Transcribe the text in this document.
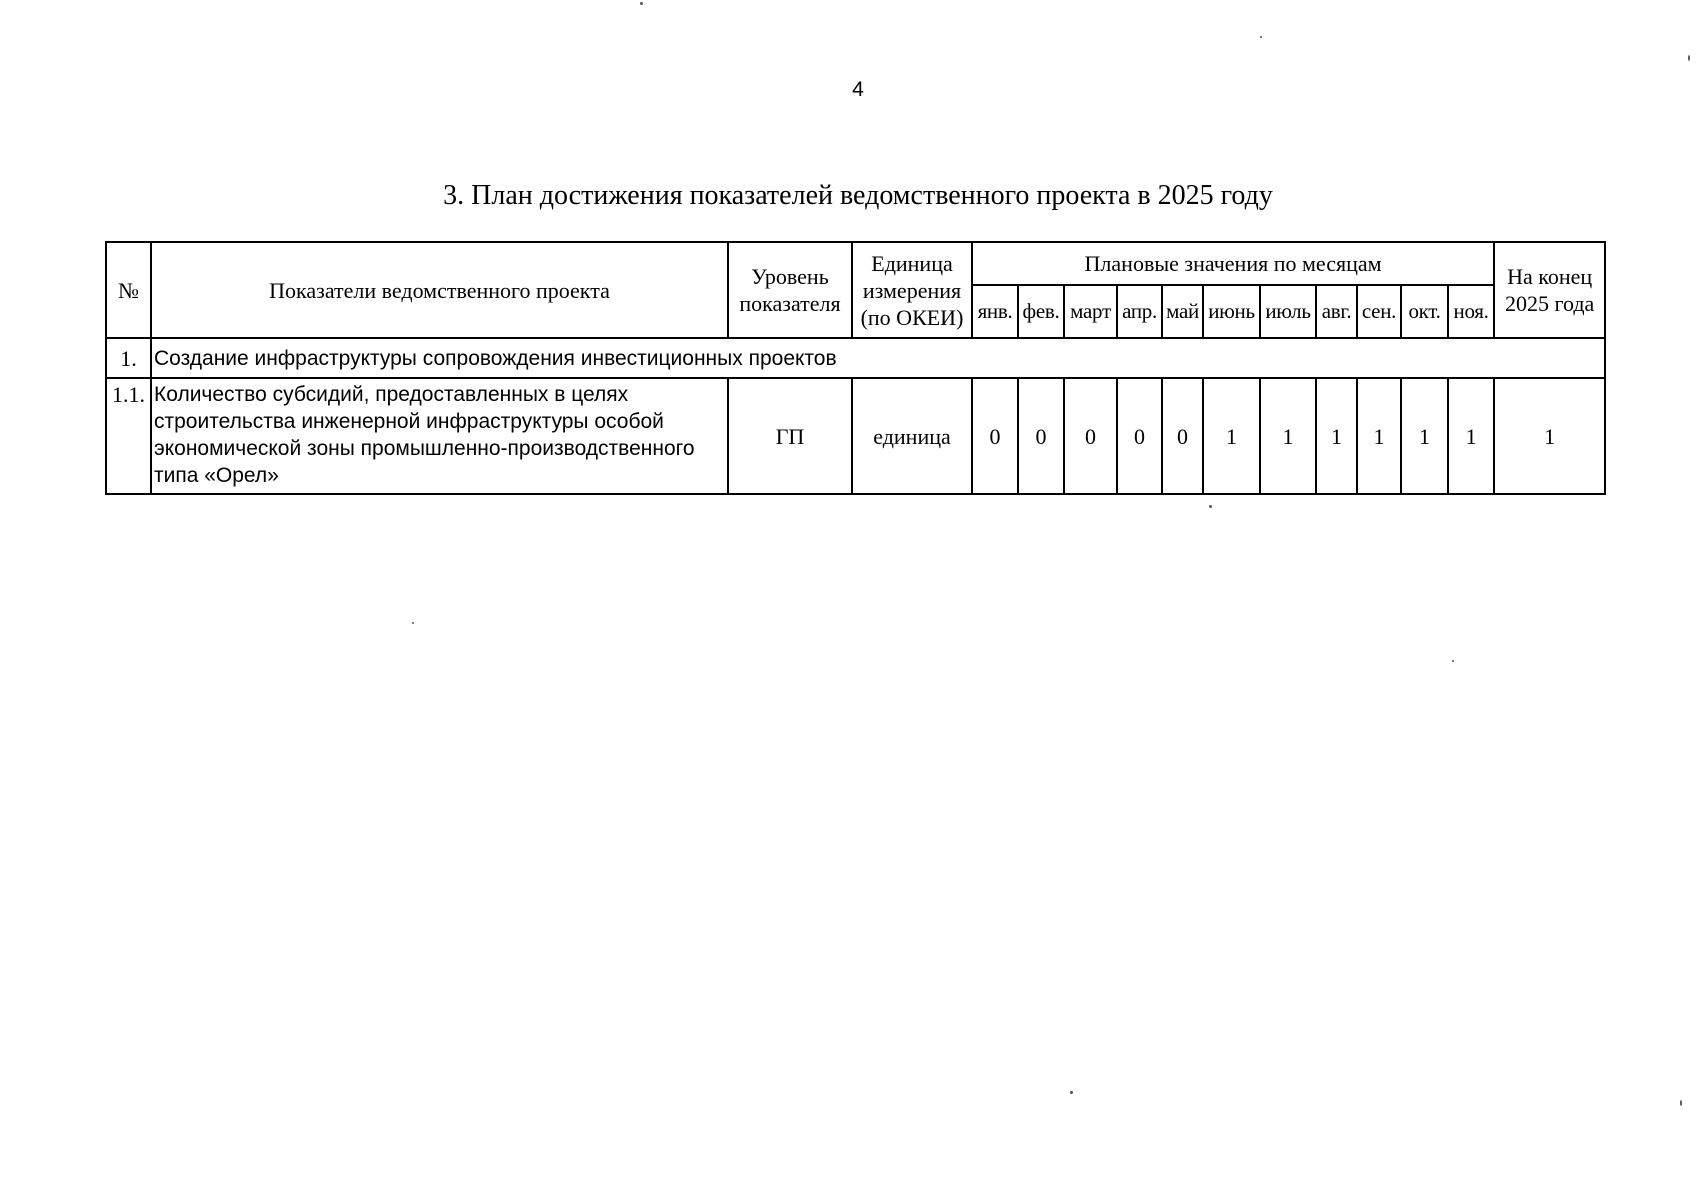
4
3. План достижения показателей ведомственного проекта в 2025 году
№	Показатели ведомственного проекта	Уровень показателя	Единица измерения (по ОКЕИ)	Плановые значения по месяцам											На конец 2025 года
				янв.	фев.	март	апр.	май	июнь	июль	авг.	сен.	окт.	ноя.	
1.	Создание инфраструктуры сопровождения инвестиционных проектов														
1.1.	Количество субсидий, предоставленных в целях строительства инженерной инфраструктуры особой экономической зоны промышленно-производственного типа «Орел»	ГП	единица	0	0	0	0	0	1	1	1	1	1	1	1
